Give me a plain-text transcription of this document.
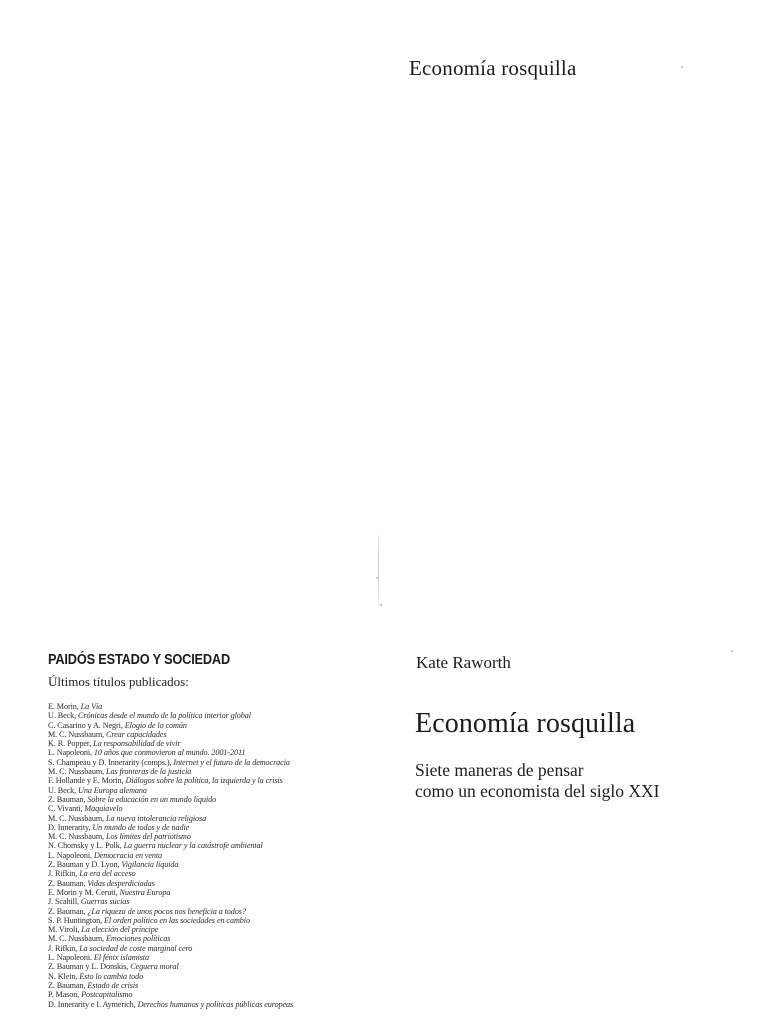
Economía rosquilla
PAIDÓS ESTADO Y SOCIEDAD
Últimos títulos publicados:
E. Morin, La Vía
U. Beck, Crónicas desde el mundo de la política interior global
C. Casarino y A. Negri, Elogio de lo común
M. C. Nussbaum, Crear capacidades
K. R. Popper, La responsabilidad de vivir
L. Napoleoni, 10 años que conmovieron al mundo. 2001-2011
S. Champeau y D. Innerarity (comps.), Internet y el futuro de la democracia
M. C. Nussbaum, Las fronteras de la justicia
F. Hollande y E. Morin, Diálogos sobre la política, la izquierda y la crisis
U. Beck, Una Europa alemana
Z. Bauman, Sobre la educación en un mundo líquido
C. Vivanti, Maquiavelo
M. C. Nussbaum, La nueva intolerancia religiosa
D. Innerarity, Un mundo de todos y de nadie
M. C. Nussbaum, Los límites del patriotismo
N. Chomsky y L. Polk, La guerra nuclear y la catástrofe ambiental
L. Napoleoni, Democracia en venta
Z. Bauman y D. Lyon, Vigilancia líquida
J. Rifkin, La era del acceso
Z. Bauman, Vidas desperdiciadas
E. Morin y M. Ceruti, Nuestra Europa
J. Scahill, Guerras sucias
Z. Bauman, ¿La riqueza de unos pocos nos beneficia a todos?
S. P. Huntington, El orden político en las sociedades en cambio
M. Viroli, La elección del príncipe
M. C. Nussbaum, Emociones políticas
J. Rifkin, La sociedad de coste marginal cero
L. Napoleoni. El fénix islamista
Z. Bauman y L. Donskis, Ceguera moral
N. Klein, Esto lo cambia todo
Z. Bauman, Estado de crisis
P. Mason, Postcapitalismo
D. Innerarity e I. Aymerich, Derechos humanos y políticas públicas europeas
Kate Raworth
Economía rosquilla
Siete maneras de pensar
como un economista del siglo XXI
